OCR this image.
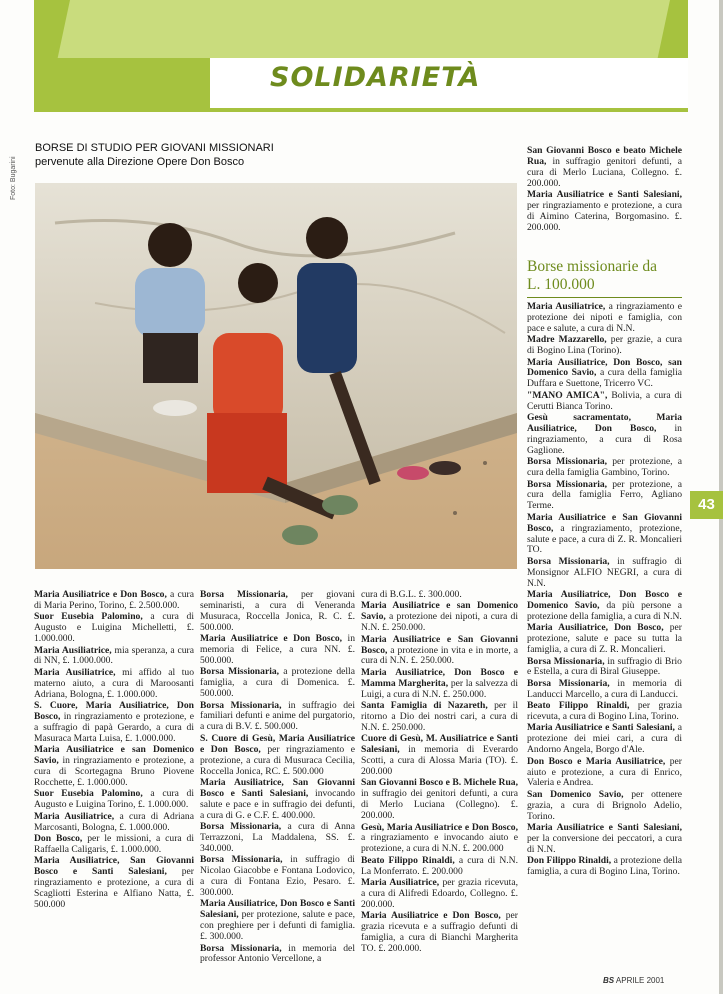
SOLIDARIETÀ
BORSE DI STUDIO PER GIOVANI MISSIONARI
pervenute alla Direzione Opere Don Bosco
Foto: Bugarini

Maria Ausiliatrice e Don Bosco, a cura di Maria Perino, Torino, £. 2.500.000.

Suor Eusebia Palomino, a cura di Augusto e Luigina Michelletti, £. 1.000.000.

Maria Ausiliatrice, mia speranza, a cura di NN, £. 1.000.000.

Maria Ausiliatrice, mi affido al tuo materno aiuto, a cura di Maroosanti Adriana, Bologna, £. 1.000.000.

S. Cuore, Maria Ausiliatrice, Don Bosco, in ringraziamento e protezione, e a suffragio di papà Gerardo, a cura di Masuraca Marta Luisa, £. 1.000.000.

Maria Ausiliatrice e san Domenico Savio, in ringraziamento e protezione, a cura di Scortegagna Bruno Piovene Rocchette, £. 1.000.000.

Suor Eusebia Palomino, a cura di Augusto e Luigina Torino, £. 1.000.000.

Maria Ausiliatrice, a cura di Adriana Marcosanti, Bologna, £. 1.000.000.

Don Bosco, per le missioni, a cura di Raffaella Caligaris, £. 1.000.000.

Maria Ausiliatrice, San Giovanni Bosco e Santi Salesiani, per ringraziamento e protezione, a cura di Scagliotti Esterina e Alfiano Natta, £. 500.000

Borsa Missionaria, per giovani seminaristi, a cura di Veneranda Musuraca, Roccella Jonica, R. C. £. 500.000.

Maria Ausiliatrice e Don Bosco, in memoria di Felice, a cura NN. £. 500.000.

Borsa Missionaria, a protezione della famiglia, a cura di Domenica. £. 500.000.

Borsa Missionaria, in suffragio dei familiari defunti e anime del purgatorio, a cura di B.V. £. 500.000.

S. Cuore di Gesù, Maria Ausiliatrice e Don Bosco, per ringraziamento e protezione, a cura di Musuraca Cecilia, Roccella Jonica, RC. £. 500.000

Maria Ausiliatrice, San Giovanni Bosco e Santi Salesiani, invocando salute e pace e in suffragio dei defunti, a cura di G. e C.F. £. 400.000.

Borsa Missionaria, a cura di Anna Terrazzoni, La Maddalena, SS. £. 340.000.

Borsa Missionaria, in suffragio di Nicolao Giacobbe e Fontana Lodovico, a cura di Fontana Ezio, Pesaro. £. 300.000.

Maria Ausiliatrice, Don Bosco e Santi Salesiani, per protezione, salute e pace, con preghiere per i defunti di famiglia. £. 300.000.

Borsa Missionaria, in memoria del professor Antonio Vercellone, a

cura di B.G.L. £. 300.000.

Maria Ausiliatrice e san Domenico Savio, a protezione dei nipoti, a cura di N.N. £. 250.000.

Maria Ausiliatrice e San Giovanni Bosco, a protezione in vita e in morte, a cura di N.N. £. 250.000.

Maria Ausiliatrice, Don Bosco e Mamma Margherita, per la salvezza di Luigi, a cura di N.N. £. 250.000.

Santa Famiglia di Nazareth, per il ritorno a Dio dei nostri cari, a cura di N.N. £. 250.000.

Cuore di Gesù, M. Ausiliatrice e Santi Salesiani, in memoria di Everardo Scotti, a cura di Alossa Maria (TO). £. 200.000

San Giovanni Bosco e B. Michele Rua, in suffragio dei genitori defunti, a cura di Merlo Luciana (Collegno). £. 200.000.

Gesù, Maria Ausiliatrice e Don Bosco, a ringraziamento e invocando aiuto e protezione, a cura di N.N. £. 200.000

Beato Filippo Rinaldi, a cura di N.N. La Monferrato. £. 200.000

Maria Ausiliatrice, per grazia ricevuta, a cura di Alifredi Edoardo, Collegno. £. 200.000.

Maria Ausiliatrice e Don Bosco, per grazia ricevuta e a suffragio defunti di famiglia, a cura di Bianchi Margherita TO. £. 200.000.

San Giovanni Bosco e beato Michele Rua, in suffragio genitori defunti, a cura di Merlo Luciana, Collegno. £. 200.000.

Maria Ausiliatrice e Santi Salesiani, per ringraziamento e protezione, a cura di Aimino Caterina, Borgomasino. £. 200.000.

Borse missionarie da
L. 100.000

Maria Ausiliatrice, a ringraziamento e protezione dei nipoti e famiglia, con pace e salute, a cura di N.N.

Madre Mazzarello, per grazie, a cura di Bogino Lina (Torino).

Maria Ausiliatrice, Don Bosco, san Domenico Savio, a cura della famiglia Duffara e Suettone, Tricerro VC.

"MANO AMICA", Bolivia, a cura di Cerutti Bianca Torino.

Gesù sacramentato, Maria Ausiliatrice, Don Bosco, in ringraziamento, a cura di Rosa Gaglione.

Borsa Missionaria, per protezione, a cura della famiglia Gambino, Torino.

Borsa Missionaria, per protezione, a cura della famiglia Ferro, Agliano Terme.

Maria Ausiliatrice e San Giovanni Bosco, a ringraziamento, protezione, salute e pace, a cura di Z. R. Moncalieri TO.

Borsa Missionaria, in suffragio di Monsignor ALFIO NEGRI, a cura di N.N.

Maria Ausiliatrice, Don Bosco e Domenico Savio, da più persone a protezione della famiglia, a cura di N.N.

Maria Ausiliatrice, Don Bosco, per protezione, salute e pace su tutta la famiglia, a cura di Z. R. Moncalieri.

Borsa Missionaria, in suffragio di Brio e Estella, a cura di Biral Giuseppe.

Borsa Missionaria, in memoria di Landucci Marcello, a cura di Landucci.

Beato Filippo Rinaldi, per grazia ricevuta, a cura di Bogino Lina, Torino.

Maria Ausiliatrice e Santi Salesiani, a protezione dei miei cari, a cura di Andorno Angela, Borgo d'Ale.

Don Bosco e Maria Ausiliatrice, per aiuto e protezione, a cura di Enrico, Valeria e Andrea.

San Domenico Savio, per ottenere grazia, a cura di Brignolo Adelio, Torino.

Maria Ausiliatrice e Santi Salesiani, per la conversione dei peccatori, a cura di N.N.

Don Filippo Rinaldi, a protezione della famiglia, a cura di Bogino Lina, Torino.

43
BS APRILE 2001
